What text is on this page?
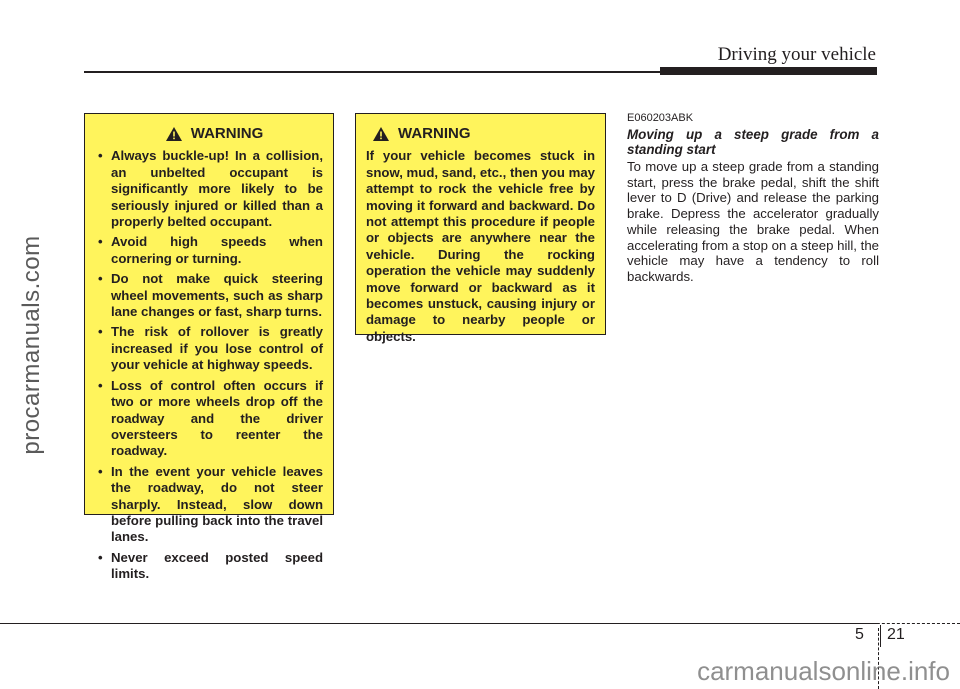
Driving your vehicle
procarmanuals.com
WARNING
• Always buckle-up! In a collision, an unbelted occupant is significantly more likely to be seriously injured or killed than a properly belted occupant.
• Avoid high speeds when cornering or turning.
• Do not make quick steering wheel movements, such as sharp lane changes or fast, sharp turns.
• The risk of rollover is greatly increased if you lose control of your vehicle at highway speeds.
• Loss of control often occurs if two or more wheels drop off the roadway and the driver oversteers to reenter the roadway.
• In the event your vehicle leaves the roadway, do not steer sharply. Instead, slow down before pulling back into the travel lanes.
• Never exceed posted speed limits.
WARNING
If your vehicle becomes stuck in snow, mud, sand, etc., then you may attempt to rock the vehicle free by moving it forward and backward. Do not attempt this procedure if people or objects are anywhere near the vehicle. During the rocking operation the vehicle may suddenly move forward or backward as it becomes unstuck, causing injury or damage to nearby people or objects.
E060203ABK
Moving up a steep grade from a standing start
To move up a steep grade from a standing start, press the brake pedal, shift the shift lever to D (Drive) and release the parking brake. Depress the accelerator gradually while releasing the brake pedal. When accelerating from a stop on a steep hill, the vehicle may have a tendency to roll backwards.
5 21
carmanualsonline.info
